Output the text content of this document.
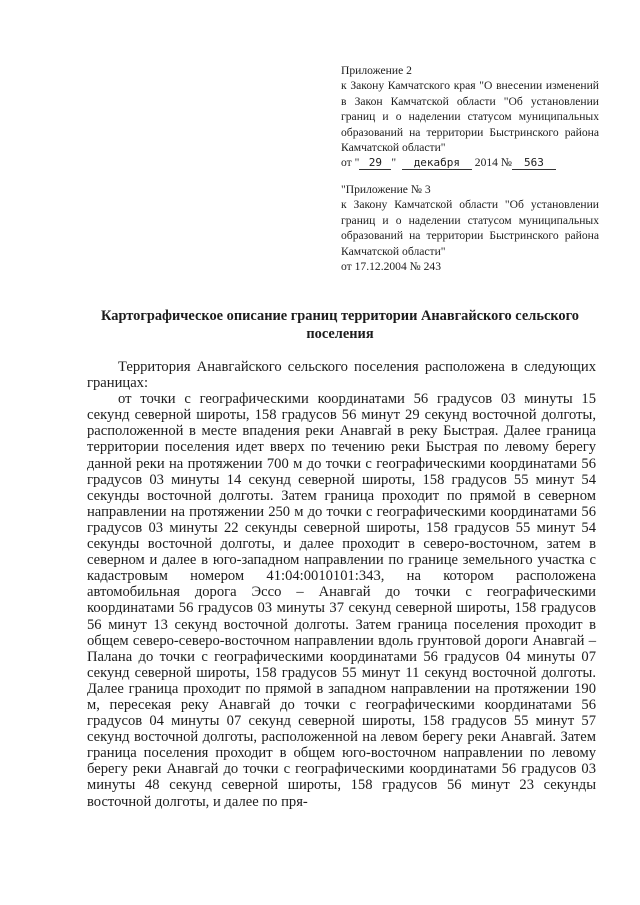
Приложение 2
к Закону Камчатского края "О внесении изменений в Закон Камчатской области "Об установлении границ и о наделении статусом муниципальных образований на территории Быстринского района Камчатской области"
от " 29 " декабря 2014 № 563
"Приложение № 3
к Закону Камчатской области "Об установлении границ и о наделении статусом муниципальных образований на территории Быстринского района Камчатской области"
от 17.12.2004 № 243
Картографическое описание границ территории Анавгайского сельского поселения

Территория Анавгайского сельского поселения расположена в следующих границах:

от точки с географическими координатами 56 градусов 03 минуты 15 секунд северной широты, 158 градусов 56 минут 29 секунд восточной долготы, расположенной в месте впадения реки Анавгай в реку Быстрая. Далее граница территории поселения идет вверх по течению реки Быстрая по левому берегу данной реки на протяжении 700 м до точки с географическими координатами 56 градусов 03 минуты 14 секунд северной широты, 158 градусов 55 минут 54 секунды восточной долготы. Затем граница проходит по прямой в северном направлении на протяжении 250 м до точки с географическими координатами 56 градусов 03 минуты 22 секунды северной широты, 158 градусов 55 минут 54 секунды восточной долготы, и далее проходит в северо-восточном, затем в северном и далее в юго-западном направлении по границе земельного участка с кадастровым номером 41:04:0010101:343, на котором расположена автомобильная дорога Эссо – Анавгай до точки с географическими координатами 56 градусов 03 минуты 37 секунд северной широты, 158 градусов 56 минут 13 секунд восточной долготы. Затем граница поселения проходит в общем северо-северо-восточном направлении вдоль грунтовой дороги Анавгай – Палана до точки с географическими координатами 56 градусов 04 минуты 07 секунд северной широты, 158 градусов 55 минут 11 секунд восточной долготы. Далее граница проходит по прямой в западном направлении на протяжении 190 м, пересекая реку Анавгай до точки с географическими координатами 56 градусов 04 минуты 07 секунд северной широты, 158 градусов 55 минут 57 секунд восточной долготы, расположенной на левом берегу реки Анавгай. Затем граница поселения проходит в общем юго-восточном направлении по левому берегу реки Анавгай до точки с географическими координатами 56 градусов 03 минуты 48 секунд северной широты, 158 градусов 56 минут 23 секунды восточной долготы, и далее по пря-
